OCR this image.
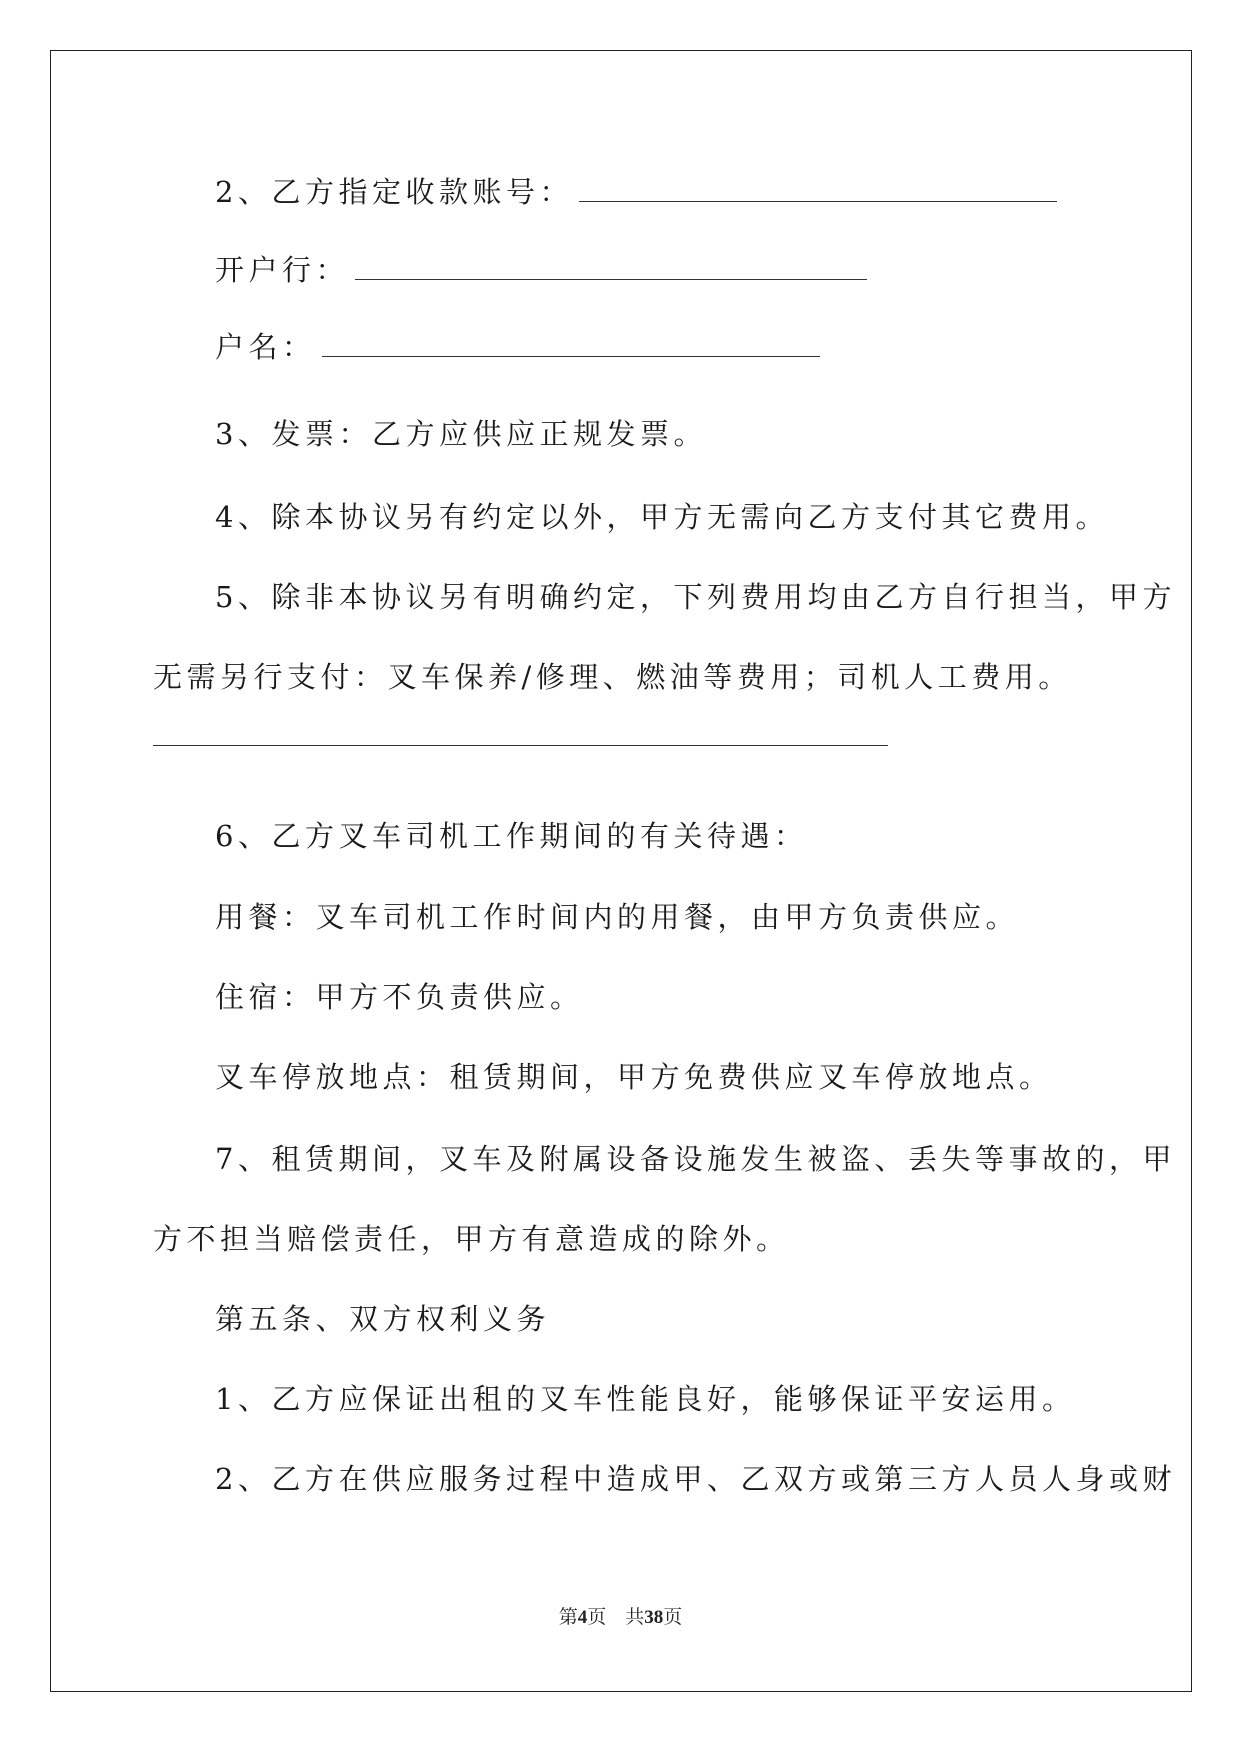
2、乙方指定收款账号：
开户行：
户名：
3、发票：乙方应供应正规发票。
4、除本协议另有约定以外，甲方无需向乙方支付其它费用。
5、除非本协议另有明确约定，下列费用均由乙方自行担当，甲方
无需另行支付：叉车保养/修理、燃油等费用；司机人工费用。
6、乙方叉车司机工作期间的有关待遇：
用餐：叉车司机工作时间内的用餐，由甲方负责供应。
住宿：甲方不负责供应。
叉车停放地点：租赁期间，甲方免费供应叉车停放地点。
7、租赁期间，叉车及附属设备设施发生被盗、丢失等事故的，甲
方不担当赔偿责任，甲方有意造成的除外。
第五条、双方权利义务
1、乙方应保证出租的叉车性能良好，能够保证平安运用。
2、乙方在供应服务过程中造成甲、乙双方或第三方人员人身或财
第4页 共38页
